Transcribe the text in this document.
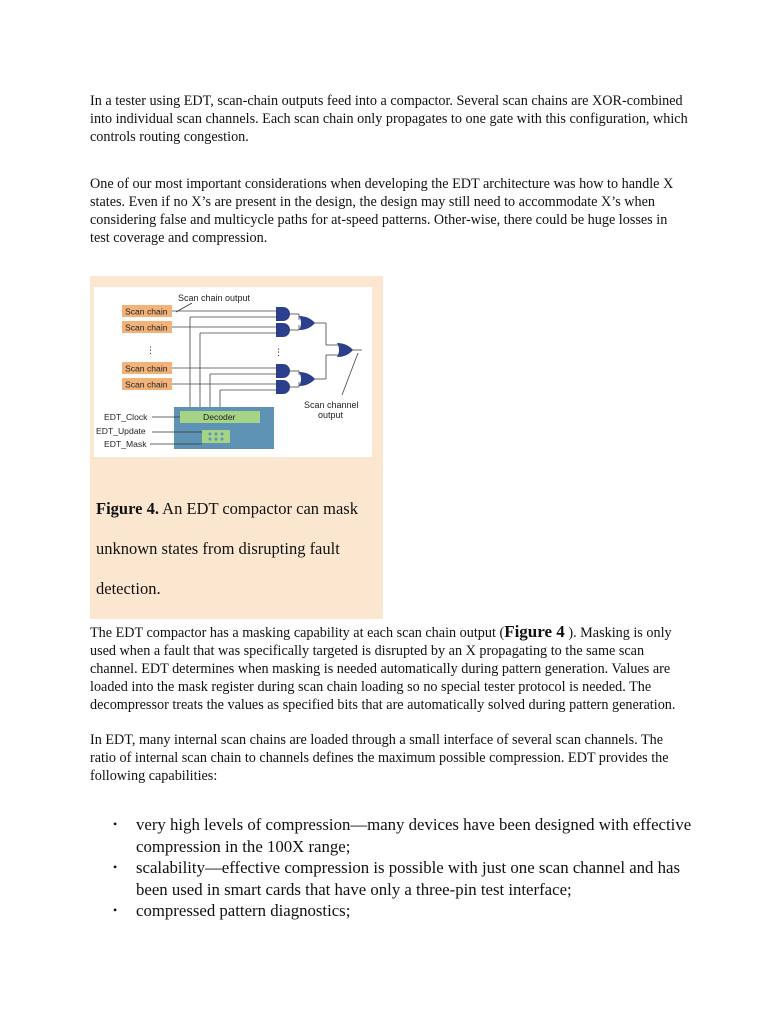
In a tester using EDT, scan-chain outputs feed into a compactor. Several scan chains are XOR-combined into individual scan channels. Each scan chain only propagates to one gate with this configuration, which controls routing congestion.

One of our most important considerations when developing the EDT architecture was how to handle X states. Even if no X’s are present in the design, the design may still need to accommodate X’s when considering false and multicycle paths for at-speed patterns. Other-wise, there could be huge losses in test coverage and compression.

Scan chain output
Scan chain
Scan chain
⋮
Scan chain
Scan chain
⋮
Scan channel
output
Decoder
EDT_Clock
EDT_Update
EDT_Mask
Figure 4. An EDT compactor can mask unknown states from disrupting fault detection.

The EDT compactor has a masking capability at each scan chain output (Figure 4 ). Masking is only used when a fault that was specifically targeted is disrupted by an X propagating to the same scan channel. EDT determines when masking is needed automatically during pattern generation. Values are loaded into the mask register during scan chain loading so no special tester protocol is needed. The decompressor treats the values as specified bits that are automatically solved during pattern generation.

In EDT, many internal scan chains are loaded through a small interface of several scan channels. The ratio of internal scan chain to channels defines the maximum possible compression. EDT provides the following capabilities:

• very high levels of compression—many devices have been designed with effective compression in the 100X range;
• scalability—effective compression is possible with just one scan channel and has been used in smart cards that have only a three-pin test interface;
• compressed pattern diagnostics;
